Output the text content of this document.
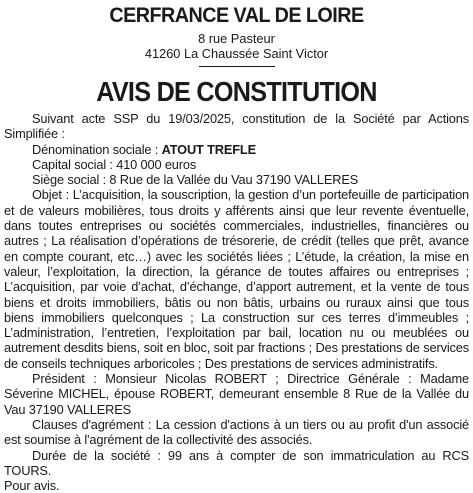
CERFRANCE VAL DE LOIRE

8 rue Pasteur

41260 La Chaussée Saint Victor

AVIS DE CONSTITUTION

Suivant acte SSP du 19/03/2025, constitution de la Société par Actions Simplifiée :

Dénomination sociale : ATOUT TREFLE

Capital social : 410 000 euros

Siège social : 8 Rue de la Vallée du Vau 37190 VALLERES

Objet : L’acquisition, la souscription, la gestion d’un portefeuille de participation et de valeurs mobilières, tous droits y afférents ainsi que leur revente éventuelle, dans toutes entreprises ou sociétés commerciales, industrielles, financières ou autres ; La réalisation d’opérations de trésorerie, de crédit (telles que prêt, avance en compte courant, etc…) avec les sociétés liées ; L’étude, la création, la mise en valeur, l’exploitation, la direction, la gérance de toutes affaires ou entreprises ; L’acquisition, par voie d’achat, d’échange, d’apport autrement, et la vente de tous biens et droits immobiliers, bâtis ou non bâtis, urbains ou ruraux ainsi que tous biens immobiliers quelconques ; La construction sur ces terres d’immeubles ; L’administration, l’entretien, l’exploitation par bail, location nu ou meublées ou autrement desdits biens, soit en bloc, soit par fractions ; Des prestations de services de conseils techniques arboricoles ; Des prestations de services administratifs.

Président : Monsieur Nicolas ROBERT ; Directrice Générale : Madame Séverine MICHEL, épouse ROBERT, demeurant ensemble 8 Rue de la Vallée du Vau 37190 VALLERES

Clauses d'agrément : La cession d'actions à un tiers ou au profit d'un associé est soumise à l'agrément de la collectivité des associés.

Durée de la société : 99 ans à compter de son immatriculation au RCS TOURS.

Pour avis.
